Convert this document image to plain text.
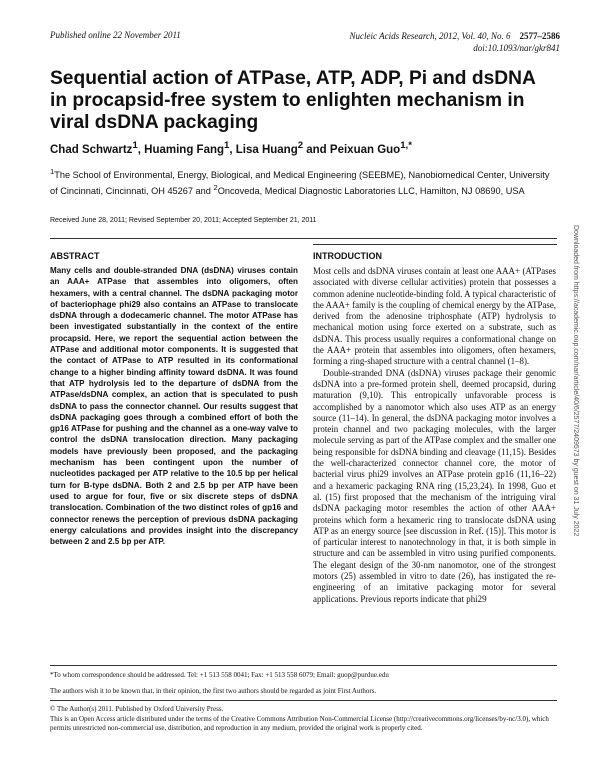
Published online 22 November 2011	Nucleic Acids Research, 2012, Vol. 40, No. 6 2577–2586
doi:10.1093/nar/gkr841
Sequential action of ATPase, ATP, ADP, Pi and dsDNA in procapsid-free system to enlighten mechanism in viral dsDNA packaging
Chad Schwartz$^1$, Huaming Fang$^1$, Lisa Huang$^2$ and Peixuan Guo$^{1,*}$
$^1$The School of Environmental, Energy, Biological, and Medical Engineering (SEEBME), Nanobiomedical Center, University of Cincinnati, Cincinnati, OH 45267 and $^2$Oncoveda, Medical Diagnostic Laboratories LLC, Hamilton, NJ 08690, USA
Received June 28, 2011; Revised September 20, 2011; Accepted September 21, 2011
ABSTRACT	INTRODUCTION

Many cells and double-stranded DNA (dsDNA) viruses contain an AAA+ ATPase that assembles into oligomers, often hexamers, with a central channel. The dsDNA packaging motor of bacteriophage phi29 also contains an ATPase to translocate dsDNA through a dodecameric channel. The motor ATPase has been investigated substantially in the context of the entire procapsid. Here, we report the sequential action between the ATPase and additional motor components. It is suggested that the contact of ATPase to ATP resulted in its conformational change to a higher binding affinity toward dsDNA. It was found that ATP hydrolysis led to the departure of dsDNA from the ATPase/dsDNA complex, an action that is speculated to push dsDNA to pass the connector channel. Our results suggest that dsDNA packaging goes through a combined effort of both the gp16 ATPase for pushing and the channel as a one-way valve to control the dsDNA translocation direction. Many packaging models have previously been proposed, and the packaging mechanism has been contingent upon the number of nucleotides packaged per ATP relative to the 10.5 bp per helical turn for B-type dsDNA. Both 2 and 2.5 bp per ATP have been used to argue for four, five or six discrete steps of dsDNA translocation. Combination of the two distinct roles of gp16 and connector renews the perception of previous dsDNA packaging energy calculations and provides insight into the discrepancy between 2 and 2.5 bp per ATP.

Most cells and dsDNA viruses contain at least one AAA+ (ATPases associated with diverse cellular activities) protein that possesses a common adenine nucleotide-binding fold. A typical characteristic of the AAA+ family is the coupling of chemical energy by the ATPase, derived from the adenosine triphosphate (ATP) hydrolysis to mechanical motion using force exerted on a substrate, such as dsDNA. This process usually requires a conformational change on the AAA+ protein that assembles into oligomers, often hexamers, forming a ring-shaped structure with a central channel (1–8).

Double-stranded DNA (dsDNA) viruses package their genomic dsDNA into a pre-formed protein shell, deemed procapsid, during maturation (9,10). This entropically unfavorable process is accomplished by a nanomotor which also uses ATP as an energy source (11–14). In general, the dsDNA packaging motor involves a protein channel and two packaging molecules, with the larger molecule serving as part of the ATPase complex and the smaller one being responsible for dsDNA binding and cleavage (11,15). Besides the well-characterized connector channel core, the motor of bacterial virus phi29 involves an ATPase protein gp16 (11,16–22) and a hexameric packaging RNA ring (15,23,24). In 1998, Guo et al. (15) first proposed that the mechanism of the intriguing viral dsDNA packaging motor resembles the action of other AAA+ proteins which form a hexameric ring to translocate dsDNA using ATP as an energy source [see discussion in Ref. (15)]. This motor is of particular interest to nanotechnology in that, it is both simple in structure and can be assembled in vitro using purified components. The elegant design of the 30-nm nanomotor, one of the strongest motors (25) assembled in vitro to date (26), has instigated the re-engineering of an imitative packaging motor for several applications. Previous reports indicate that phi29

Downloaded from https://academic.oup.com/nar/article/40/6/2577/2409573 by guest on 31 July 2022

*To whom correspondence should be addressed. Tel: +1 513 558 0041; Fax: +1 513 558 6079; Email: guop@purdue.edu

The authors wish it to be known that, in their opinion, the first two authors should be regarded as joint First Authors.

© The Author(s) 2011. Published by Oxford University Press.

This is an Open Access article distributed under the terms of the Creative Commons Attribution Non-Commercial License (http://creativecommons.org/licenses/by-nc/3.0), which permits unrestricted non-commercial use, distribution, and reproduction in any medium, provided the original work is properly cited.
